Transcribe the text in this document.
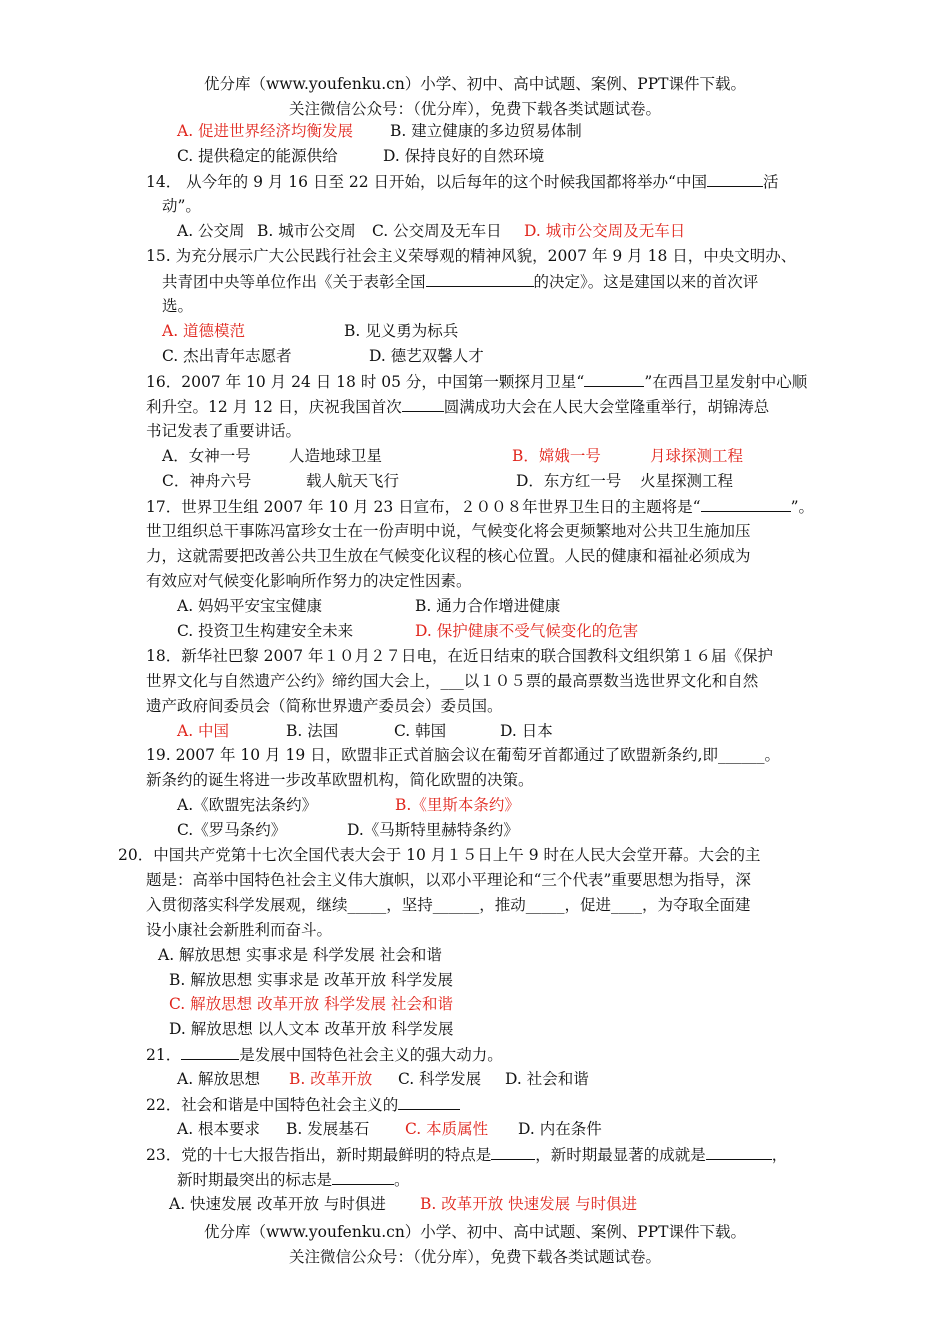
优分库（www.youfenku.cn）小学、初中、高中试题、案例、PPT课件下载。
关注微信公众号：（优分库），免费下载各类试题试卷。
A. 促进世界经济均衡发展 B. 建立健康的多边贸易体制
C. 提供稳定的能源供给	D. 保持良好的自然环境
14． 从今年的 9 月 16 日至 22 日开始，以后每年的这个时候我国都将举办“中国	活
动”。
A. 公交周 B. 城市公交周 C. 公交周及无车日 D. 城市公交周及无车日
15. 为充分展示广大公民践行社会主义荣辱观的精神风貌，2007 年 9 月 18 日，中央文明办、
共青团中央等单位作出《关于表彰全国	的决定》。这是建国以来的首次评
选。
A. 道德模范	B. 见义勇为标兵
C. 杰出青年志愿者	D. 德艺双馨人才
16．2007 年 10 月 24 日 18 时 05 分，中国第一颗探月卫星“	”在西昌卫星发射中心顺
利升空。12 月 12 日，庆祝我国首次	圆满成功大会在人民大会堂隆重举行，胡锦涛总
书记发表了重要讲话。
A．女神一号 人造地球卫星	B．嫦娥一号	月球探测工程
C．神舟六号	载人航天飞行	D．东方红一号 火星探测工程
17．世界卫生组 2007 年 10 月 23 日宣布，２００８年世界卫生日的主题将是“	”。
世卫组织总干事陈冯富珍女士在一份声明中说，气候变化将会更频繁地对公共卫生施加压
力，这就需要把改善公共卫生放在气候变化议程的核心位置。人民的健康和福祉必须成为
有效应对气候变化影响所作努力的决定性因素。
A. 妈妈平安宝宝健康	B. 通力合作增进健康
C. 投资卫生构建安全未来	D. 保护健康不受气候变化的危害
18．新华社巴黎 2007 年１０月２７日电，在近日结束的联合国教科文组织第１６届《保护
世界文化与自然遗产公约》缔约国大会上，___以１０５票的最高票数当选世界文化和自然
遗产政府间委员会（简称世界遗产委员会）委员国。
A. 中国	B. 法国	C. 韩国	D. 日本
19. 2007 年 10 月 19 日，欧盟非正式首脑会议在葡萄牙首都通过了欧盟新条约,即______。
新条约的诞生将进一步改革欧盟机构，简化欧盟的决策。
A.《欧盟宪法条约》	B.《里斯本条约》
C.《罗马条约》	D.《马斯特里赫特条约》
20．中国共产党第十七次全国代表大会于 10 月１５日上午 9 时在人民大会堂开幕。大会的主
题是：高举中国特色社会主义伟大旗帜，以邓小平理论和“三个代表”重要思想为指导，深
入贯彻落实科学发展观，继续_____，坚持______，推动_____，促进____，为夺取全面建
设小康社会新胜利而奋斗。
A. 解放思想 实事求是 科学发展 社会和谐
B. 解放思想 实事求是 改革开放 科学发展
C. 解放思想 改革开放 科学发展 社会和谐
D. 解放思想 以人文本 改革开放 科学发展
21．	是发展中国特色社会主义的强大动力。
A. 解放思想 B. 改革开放 C. 科学发展 D. 社会和谐
22．社会和谐是中国特色社会主义的
A. 根本要求 B. 发展基石 C. 本质属性 D. 内在条件
23．党的十七大报告指出，新时期最鲜明的特点是	，新时期最显著的成就是	，
新时期最突出的标志是	。
A. 快速发展 改革开放 与时俱进 B. 改革开放 快速发展 与时俱进
优分库（www.youfenku.cn）小学、初中、高中试题、案例、PPT课件下载。
关注微信公众号：（优分库），免费下载各类试题试卷。
